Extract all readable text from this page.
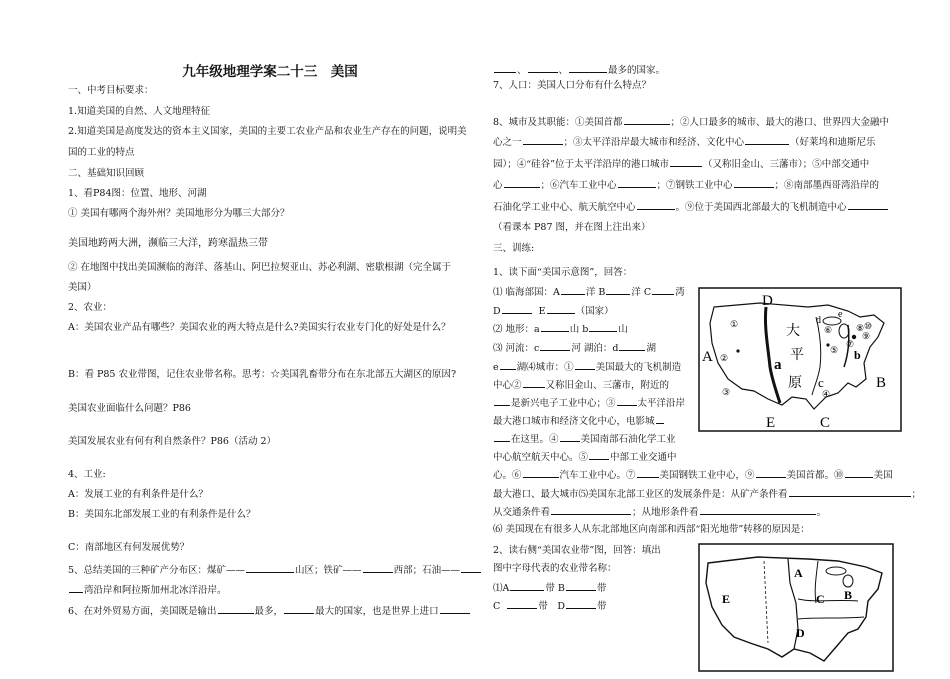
九年级地理学案二十三　美国
一、中考目标要求：
1.知道美国的自然、人文地理特征
2.知道美国是高度发达的资本主义国家，美国的主要工农业产品和农业生产存在的问题，说明美
国的工业的特点
二、基础知识回顾
1、看P84图：位置、地形、河湖
① 美国有哪两个海外州？美国地形分为哪三大部分？
美国地跨两大洲，濒临三大洋，跨寒温热三带
② 在地图中找出美国濒临的海洋、落基山、阿巴拉契亚山、苏必利湖、密歇根湖（完全属于
美国）
2、农业：
A：美国农业产品有哪些？美国农业的两大特点是什么?美国实行农业专门化的好处是什么？
B：看 P85 农业带图，记住农业带名称。思考：☆美国乳畜带分布在东北部五大湖区的原因?
美国农业面临什么问题？P86
美国发展农业有何有利自然条件？P86（活动 2）
4、工业:
A：发展工业的有利条件是什么？
B：美国东北部发展工业的有利条件是什么？
C：南部地区有何发展优势？
5、总结美国的三种矿产分布区：煤矿——	山区；铁矿——	西部；石油——
湾沿岸和阿拉斯加州北冰洋沿岸。
6、在对外贸易方面，美国既是输出	最多，	最大的国家，也是世界上进口
、	、	最多的国家。
7、人口：美国人口分布有什么特点？
8、城市及其职能：①美国首都	；②人口最多的城市、最大的港口、世界四大金融中
心之一	；③太平洋沿岸最大城市和经济、文化中心	（好莱坞和迪斯尼乐
园）；④“硅谷”位于太平洋沿岸的港口城市	（又称旧金山、三藩市）；⑤中部交通中
心	；⑥汽车工业中心	；⑦钢铁工业中心	；⑧南部墨西哥湾沿岸的
石油化学工业中心、航天航空中心	。⑨位于美国西北部最大的飞机制造中心
（看课本 P87 图，并在图上注出来）
三、训练:
1、读下面“美国示意图”，回答：
⑴ 临海部国：A	洋 B	洋 C	湾
D	E	（国家）
⑵ 地形：a	山 b	山
⑶ 河流：c	河 湖泊：d	湖
e 湖⑷城市：① 美国最大的飞机制造
中心②	又称旧金山、三藩市，附近的
是新兴电子工业中心；③ 太平洋沿岸
最大港口城市和经济文化中心，电影城
在这里。④ 美国南部石油化学工业
中心航空航天中心。⑤ 中部工业交通中
心。⑥	汽车工业中心。⑦	美国钢铁工业中心，⑨	美国首都。⑩	美国
最大港口、最大城市⑸美国东北部工业区的发展条件是：从矿产条件看	；
从交通条件看	；从地形条件看	。
⑹ 美国现在有很多人从东北部地区向南部和西部“阳光地带”转移的原因是：
2、读右侧“美国农业带”图，回答：填出
图中字母代表的农业带名称：
⑴A	带 B	带
C	带　D	带
D
A
B
E	C
a
b
c
d
e
大
平
原
①
②
③	④
⑤
⑥
⑦
⑧
⑨
⑩
E
A
B
C
D
